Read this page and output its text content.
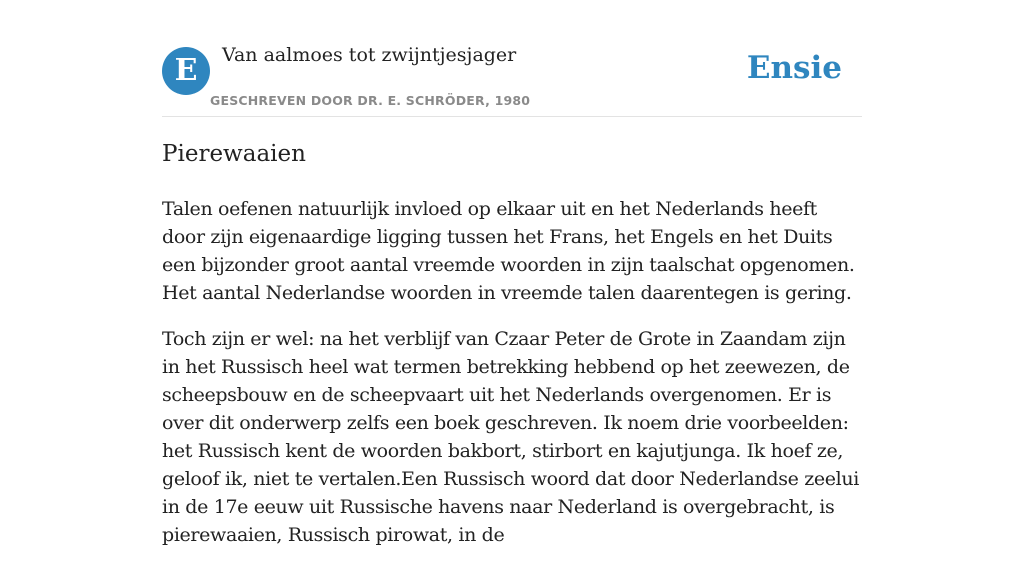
E	Van aalmoes tot zwijntjesjager
GESCHREVEN DOOR DR. E. SCHRÖDER, 1980
Ensie
Pierewaaien

Talen oefenen natuurlijk invloed op elkaar uit en het Nederlands heeft door zijn eigenaardige ligging tussen het Frans, het Engels en het Duits een bijzonder groot aantal vreemde woorden in zijn taalschat opgenomen. Het aantal Nederlandse woorden in vreemde talen daarentegen is gering.

Toch zijn er wel: na het verblijf van Czaar Peter de Grote in Zaandam zijn in het Russisch heel wat termen betrekking hebbend op het zeewezen, de scheepsbouw en de scheepvaart uit het Nederlands overgenomen. Er is over dit onderwerp zelfs een boek geschreven. Ik noem drie voorbeelden: het Russisch kent de woorden bakbort, stirbort en kajutjunga. Ik hoef ze, geloof ik, niet te vertalen.Een Russisch woord dat door Nederlandse zeelui in de 17e eeuw uit Russische havens naar Nederland is overgebracht, is pierewaaien, Russisch pirowat, in de
